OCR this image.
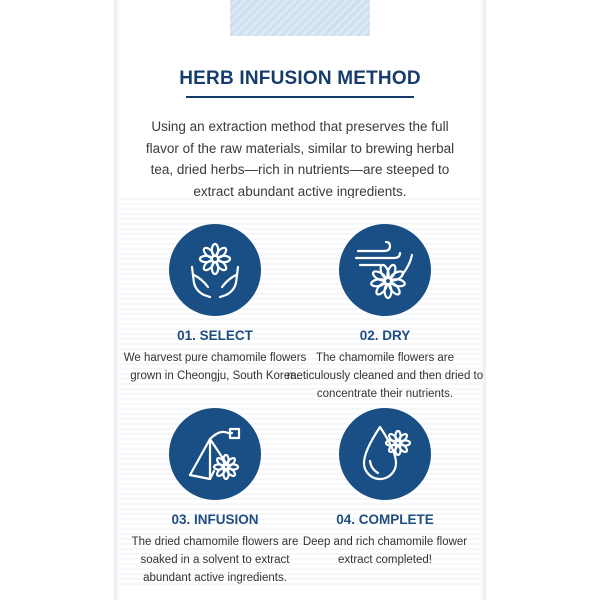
HERB INFUSION METHOD
Using an extraction method that preserves the full flavor of the raw materials, similar to brewing herbal tea, dried herbs—rich in nutrients—are steeped to extract abundant active ingredients.
01. SELECT
We harvest pure chamomile flowers grown in Cheongju, South Korea.
02. DRY
The chamomile flowers are meticulously cleaned and then dried to concentrate their nutrients.
03. INFUSION
The dried chamomile flowers are soaked in a solvent to extract abundant active ingredients.
04. COMPLETE
Deep and rich chamomile flower extract completed!
